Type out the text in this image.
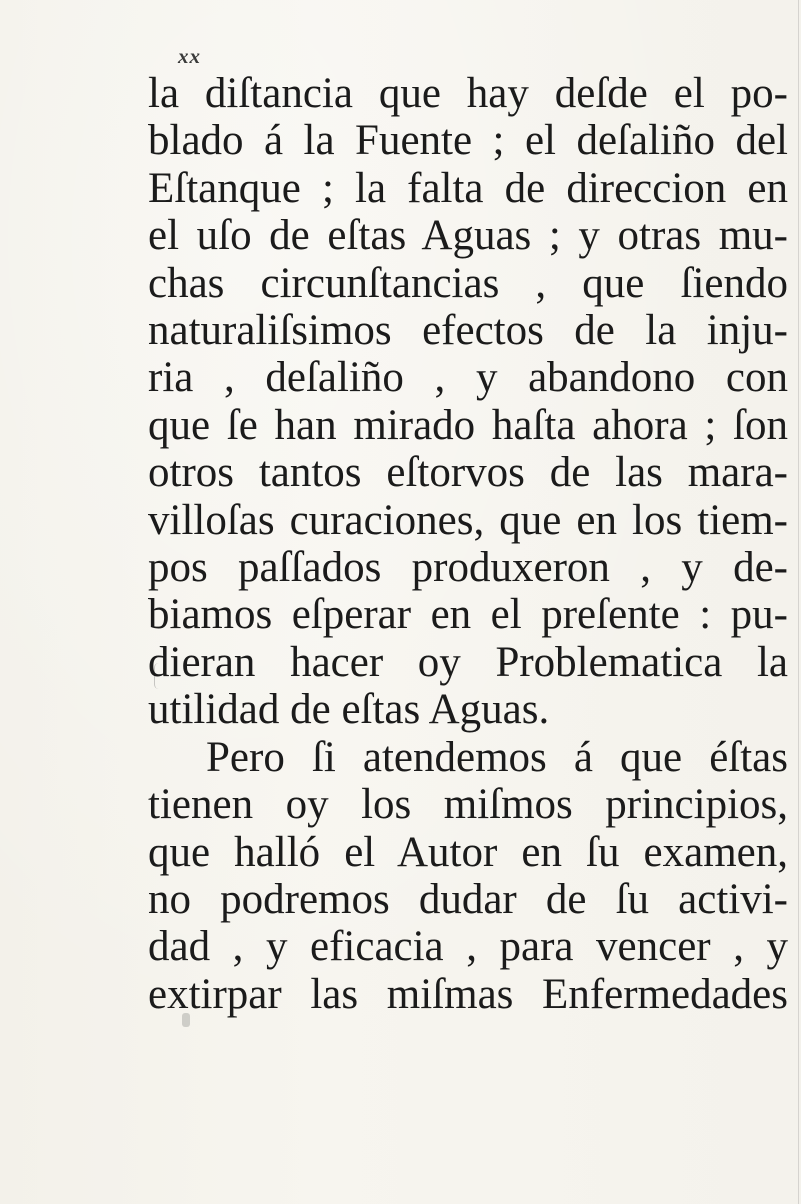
xx
la diſtancia que hay deſde el po-
blado á la Fuente ; el deſaliño del
Eſtanque ; la falta de direccion en
el uſo de eſtas Aguas ; y otras mu-
chas circunſtancias , que ſiendo
naturaliſsimos efectos de la inju-
ria , deſaliño , y abandono con
que ſe han mirado haſta ahora ; ſon
otros tantos eſtorvos de las mara-
villoſas curaciones, que en los tiem-
pos paſſados produxeron , y de-
biamos eſperar en el preſente : pu-
dieran hacer oy Problematica la
utilidad de eſtas Aguas.
Pero ſi atendemos á que éſtas
tienen oy los miſmos principios,
que halló el Autor en ſu examen,
no podremos dudar de ſu activi-
dad , y eficacia , para vencer , y
extirpar las miſmas Enfermedades
